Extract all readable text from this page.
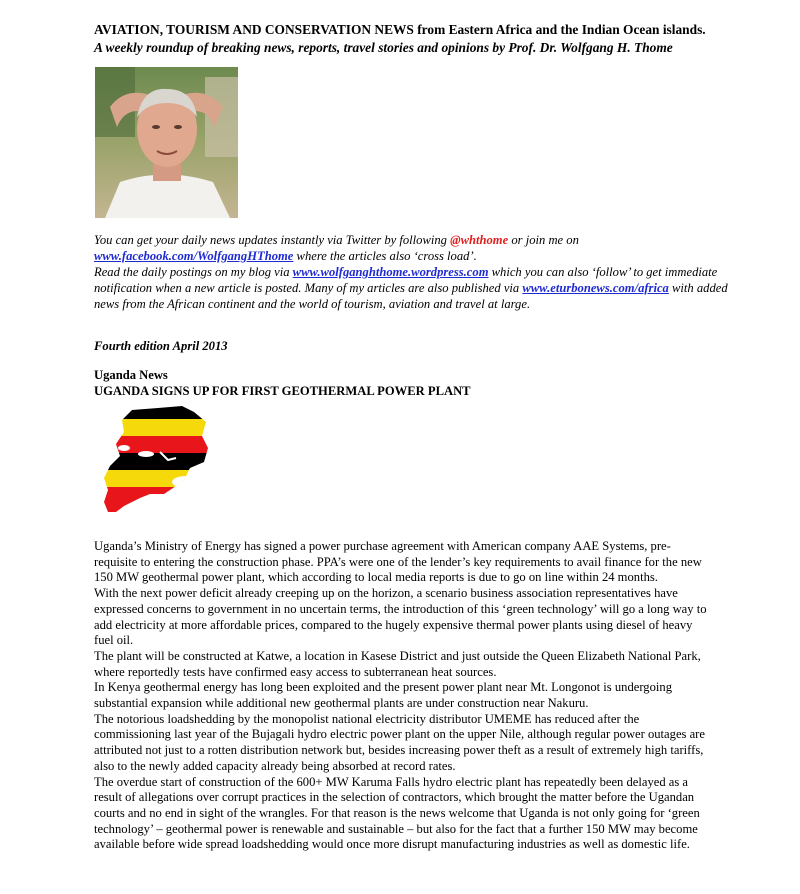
AVIATION, TOURISM AND CONSERVATION NEWS from Eastern Africa and the Indian Ocean islands.
A weekly roundup of breaking news, reports, travel stories and opinions by Prof. Dr. Wolfgang H. Thome

You can get your daily news updates instantly via Twitter by following @whthome or join me on www.facebook.com/WolfgangHThome where the articles also ‘cross load’.

Read the daily postings on my blog via www.wolfganghthome.wordpress.com which you can also ‘follow’ to get immediate notification when a new article is posted. Many of my articles are also published via www.eturbonews.com/africa with added news from the African continent and the world of tourism, aviation and travel at large.

Fourth edition April 2013
Uganda News
UGANDA SIGNS UP FOR FIRST GEOTHERMAL POWER PLANT

Uganda’s Ministry of Energy has signed a power purchase agreement with American company AAE Systems, pre-requisite to entering the construction phase. PPA’s were one of the lender’s key requirements to avail finance for the new 150 MW geothermal power plant, which according to local media reports is due to go on line within 24 months.

With the next power deficit already creeping up on the horizon, a scenario business association representatives have expressed concerns to government in no uncertain terms, the introduction of this ‘green technology’ will go a long way to add electricity at more affordable prices, compared to the hugely expensive thermal power plants using diesel of heavy fuel oil.

The plant will be constructed at Katwe, a location in Kasese District and just outside the Queen Elizabeth National Park, where reportedly tests have confirmed easy access to subterranean heat sources.

In Kenya geothermal energy has long been exploited and the present power plant near Mt. Longonot is undergoing substantial expansion while additional new geothermal plants are under construction near Nakuru.

The notorious loadshedding by the monopolist national electricity distributor UMEME has reduced after the commissioning last year of the Bujagali hydro electric power plant on the upper Nile, although regular power outages are attributed not just to a rotten distribution network but, besides increasing power theft as a result of extremely high tariffs, also to the newly added capacity already being absorbed at record rates.

The overdue start of construction of the 600+ MW Karuma Falls hydro electric plant has repeatedly been delayed as a result of allegations over corrupt practices in the selection of contractors, which brought the matter before the Ugandan courts and no end in sight of the wrangles. For that reason is the news welcome that Uganda is not only going for ‘green technology’ – geothermal power is renewable and sustainable – but also for the fact that a further 150 MW may become available before wide spread loadshedding would once more disrupt manufacturing industries as well as domestic life.
